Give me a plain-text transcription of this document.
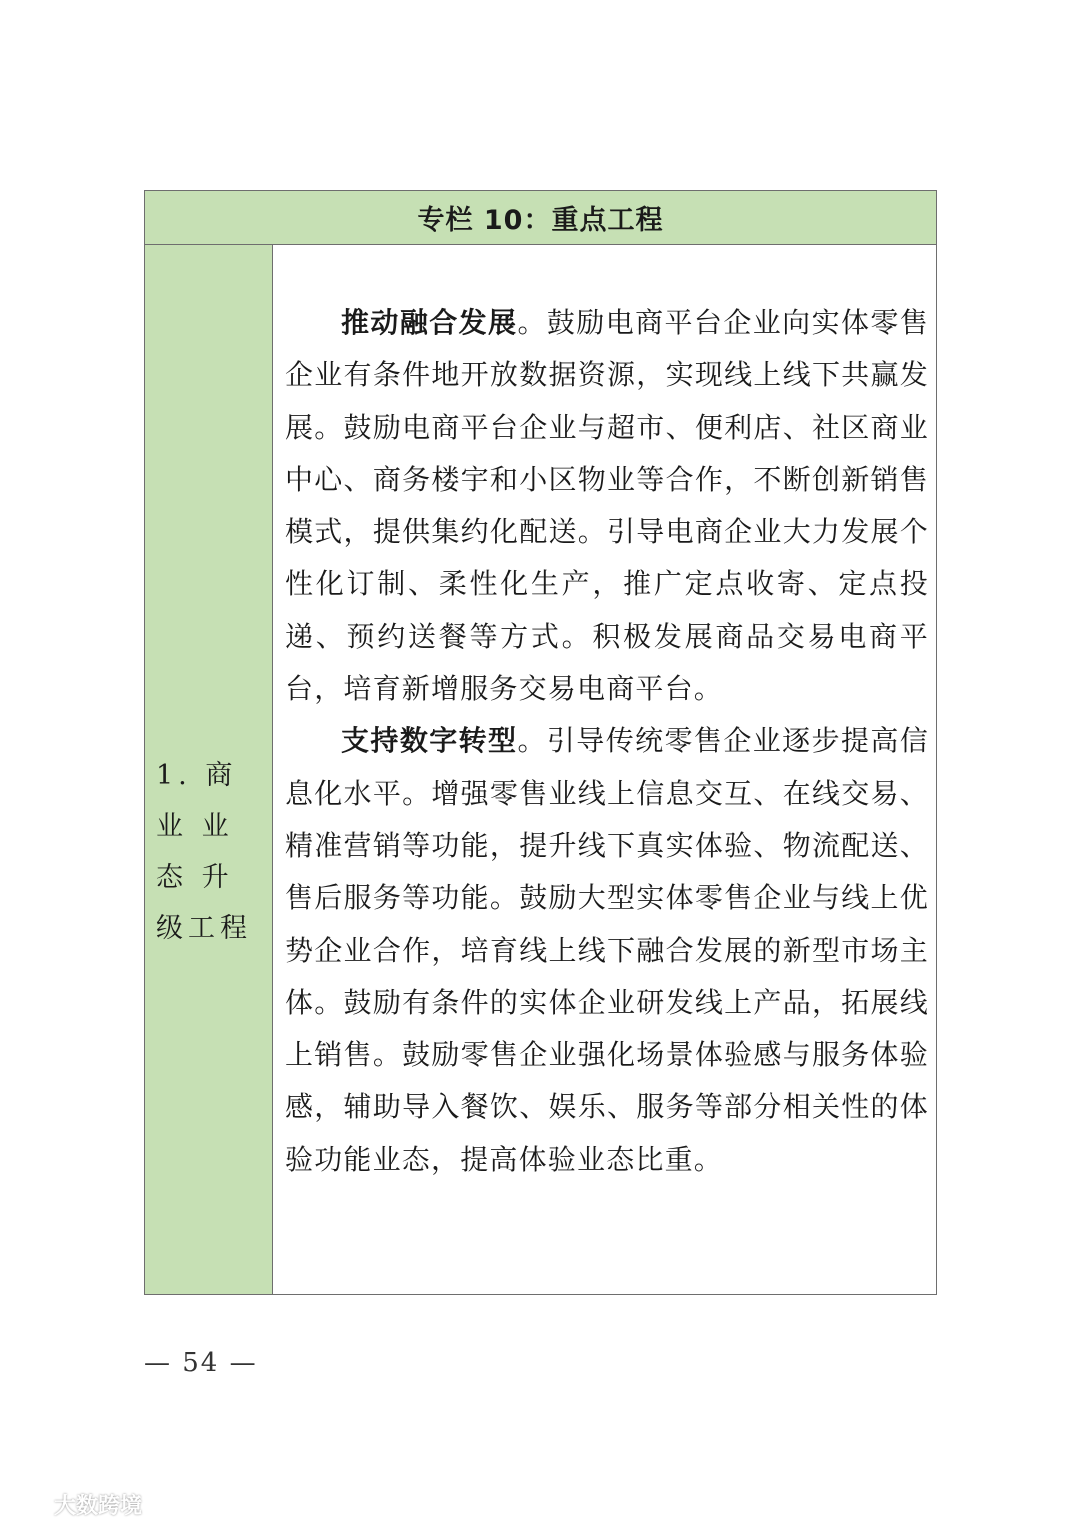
专栏 10：重点工程
1. 商 业 业 态 升 级工程

推动融合发展。鼓励电商平台企业向实体零售企业有条件地开放数据资源，实现线上线下共赢发展。鼓励电商平台企业与超市、便利店、社区商业中心、商务楼宇和小区物业等合作，不断创新销售模式，提供集约化配送。引导电商企业大力发展个性化订制、柔性化生产，推广定点收寄、定点投递、预约送餐等方式。积极发展商品交易电商平台，培育新增服务交易电商平台。

支持数字转型。引导传统零售企业逐步提高信息化水平。增强零售业线上信息交互、在线交易、精准营销等功能，提升线下真实体验、物流配送、售后服务等功能。鼓励大型实体零售企业与线上优势企业合作，培育线上线下融合发展的新型市场主体。鼓励有条件的实体企业研发线上产品，拓展线上销售。鼓励零售企业强化场景体验感与服务体验感，辅助导入餐饮、娱乐、服务等部分相关性的体验功能业态，提高体验业态比重。

— 54 —
大数跨境
